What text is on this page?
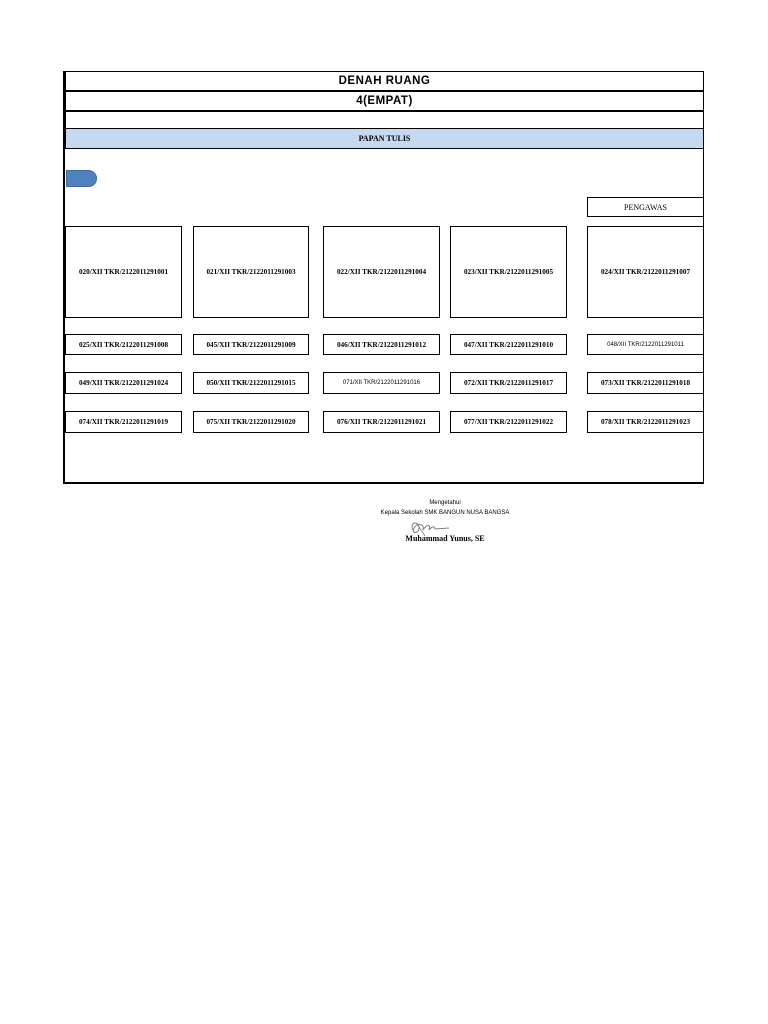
DENAH RUANG
4(EMPAT)
PAPAN TULIS
PENGAWAS
020/XII TKR/2122011291001	021/XII TKR/2122011291003	022/XII TKR/2122011291004	023/XII TKR/2122011291005	024/XII TKR/2122011291007
025/XII TKR/2122011291008	045/XII TKR/2122011291009	046/XII TKR/2122011291012	047/XII TKR/2122011291010	048/XII TKR/2122011291011
049/XII TKR/2122011291024	050/XII TKR/2122011291015	071/XII TKR/2122011291016	072/XII TKR/2122011291017	073/XII TKR/2122011291018
074/XII TKR/2122011291019	075/XII TKR/2122011291020	076/XII TKR/2122011291021	077/XII TKR/2122011291022	078/XII TKR/2122011291023
Mengetahui
Kepala Sekolah SMK BANGUN NUSA BANGSA
Muhammad Yunus, SE
